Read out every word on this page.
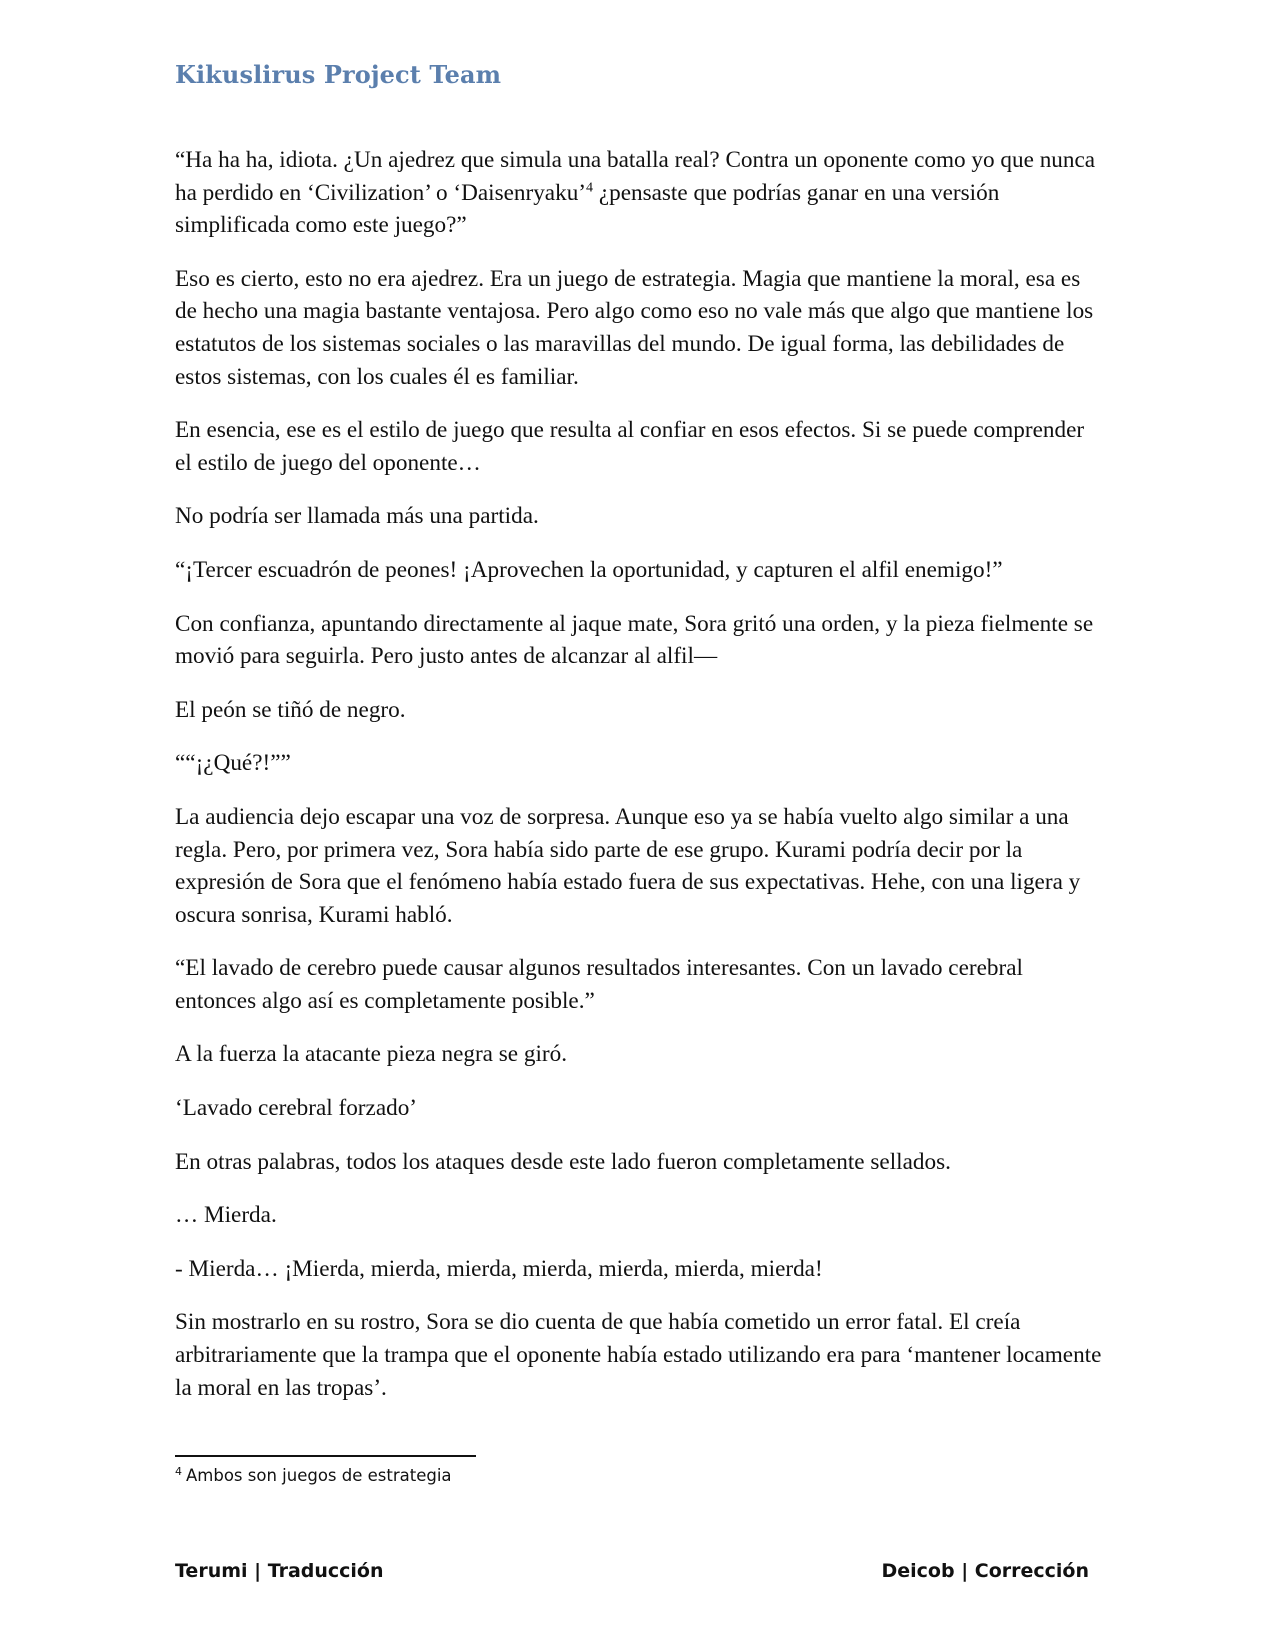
Kikuslirus Project Team

“Ha ha ha, idiota. ¿Un ajedrez que simula una batalla real? Contra un oponente como yo que nunca ha perdido en ‘Civilization’ o ‘Daisenryaku’$^4$ ¿pensaste que podrías ganar en una versión simplificada como este juego?”

Eso es cierto, esto no era ajedrez. Era un juego de estrategia. Magia que mantiene la moral, esa es de hecho una magia bastante ventajosa. Pero algo como eso no vale más que algo que mantiene los estatutos de los sistemas sociales o las maravillas del mundo. De igual forma, las debilidades de estos sistemas, con los cuales él es familiar.

En esencia, ese es el estilo de juego que resulta al confiar en esos efectos. Si se puede comprender el estilo de juego del oponente…

No podría ser llamada más una partida.

“¡Tercer escuadrón de peones! ¡Aprovechen la oportunidad, y capturen el alfil enemigo!”

Con confianza, apuntando directamente al jaque mate, Sora gritó una orden, y la pieza fielmente se movió para seguirla. Pero justo antes de alcanzar al alfil—

El peón se tiñó de negro.

““¡¿Qué?!””

La audiencia dejo escapar una voz de sorpresa. Aunque eso ya se había vuelto algo similar a una regla. Pero, por primera vez, Sora había sido parte de ese grupo. Kurami podría decir por la expresión de Sora que el fenómeno había estado fuera de sus expectativas. Hehe, con una ligera y oscura sonrisa, Kurami habló.

“El lavado de cerebro puede causar algunos resultados interesantes. Con un lavado cerebral entonces algo así es completamente posible.”

A la fuerza la atacante pieza negra se giró.

‘Lavado cerebral forzado’

En otras palabras, todos los ataques desde este lado fueron completamente sellados.

… Mierda.

- Mierda… ¡Mierda, mierda, mierda, mierda, mierda, mierda, mierda!

Sin mostrarlo en su rostro, Sora se dio cuenta de que había cometido un error fatal. El creía arbitrariamente que la trampa que el oponente había estado utilizando era para ‘mantener locamente la moral en las tropas’.

$^4$ Ambos son juegos de estrategia
Terumi | Traducción	Deicob | Corrección
